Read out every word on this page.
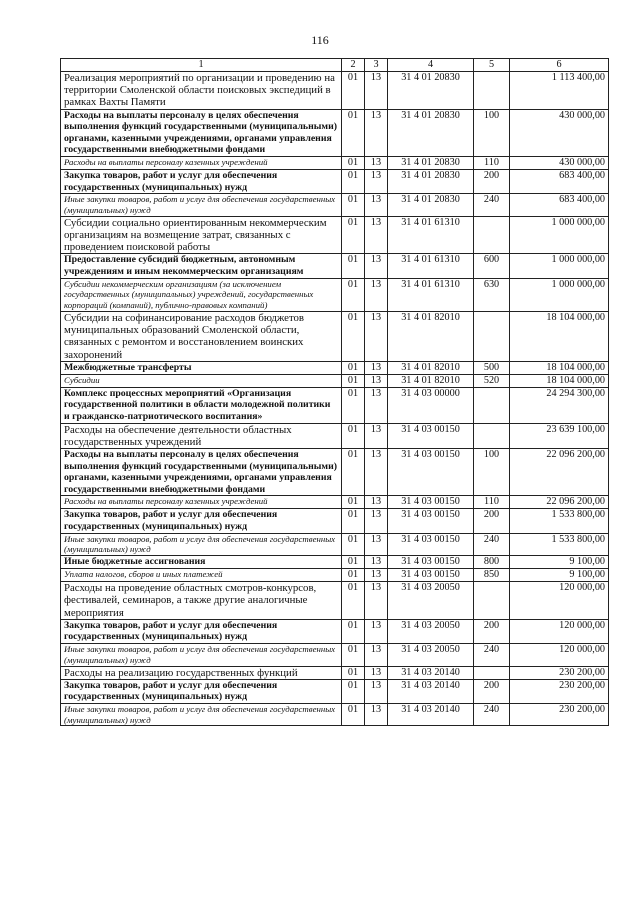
116
1	2	3	4	5	6
Реализация мероприятий по организации и проведению на территории Смоленской области поисковых экспедиций в рамках Вахты Памяти	01	13	31 4 01 20830		1 113 400,00
Расходы на выплаты персоналу в целях обеспечения выполнения функций государственными (муниципальными) органами, казенными учреждениями, органами управления государственными внебюджетными фондами	01	13	31 4 01 20830	100	430 000,00
Расходы на выплаты персоналу казенных учреждений	01	13	31 4 01 20830	110	430 000,00
Закупка товаров, работ и услуг для обеспечения государственных (муниципальных) нужд	01	13	31 4 01 20830	200	683 400,00
Иные закупки товаров, работ и услуг для обеспечения государственных (муниципальных) нужд	01	13	31 4 01 20830	240	683 400,00
Субсидии социально ориентированным некоммерческим организациям на возмещение затрат, связанных с проведением поисковой работы	01	13	31 4 01 61310		1 000 000,00
Предоставление субсидий бюджетным, автономным учреждениям и иным некоммерческим организациям	01	13	31 4 01 61310	600	1 000 000,00
Субсидии некоммерческим организациям (за исключением государственных (муниципальных) учреждений, государственных корпораций (компаний), публично-правовых компаний)	01	13	31 4 01 61310	630	1 000 000,00
Субсидии на софинансирование расходов бюджетов муниципальных образований Смоленской области, связанных с ремонтом и восстановлением воинских захоронений	01	13	31 4 01 82010		18 104 000,00
Межбюджетные трансферты	01	13	31 4 01 82010	500	18 104 000,00
Субсидии	01	13	31 4 01 82010	520	18 104 000,00
Комплекс процессных мероприятий «Организация государственной политики в области молодежной политики и гражданско-патриотического воспитания»	01	13	31 4 03 00000		24 294 300,00
Расходы на обеспечение деятельности областных государственных учреждений	01	13	31 4 03 00150		23 639 100,00
Расходы на выплаты персоналу в целях обеспечения выполнения функций государственными (муниципальными) органами, казенными учреждениями, органами управления государственными внебюджетными фондами	01	13	31 4 03 00150	100	22 096 200,00
Расходы на выплаты персоналу казенных учреждений	01	13	31 4 03 00150	110	22 096 200,00
Закупка товаров, работ и услуг для обеспечения государственных (муниципальных) нужд	01	13	31 4 03 00150	200	1 533 800,00
Иные закупки товаров, работ и услуг для обеспечения государственных (муниципальных) нужд	01	13	31 4 03 00150	240	1 533 800,00
Иные бюджетные ассигнования	01	13	31 4 03 00150	800	9 100,00
Уплата налогов, сборов и иных платежей	01	13	31 4 03 00150	850	9 100,00
Расходы на проведение областных смотров-конкурсов, фестивалей, семинаров, а также другие аналогичные мероприятия	01	13	31 4 03 20050		120 000,00
Закупка товаров, работ и услуг для обеспечения государственных (муниципальных) нужд	01	13	31 4 03 20050	200	120 000,00
Иные закупки товаров, работ и услуг для обеспечения государственных (муниципальных) нужд	01	13	31 4 03 20050	240	120 000,00
Расходы на реализацию государственных функций	01	13	31 4 03 20140		230 200,00
Закупка товаров, работ и услуг для обеспечения государственных (муниципальных) нужд	01	13	31 4 03 20140	200	230 200,00
Иные закупки товаров, работ и услуг для обеспечения государственных (муниципальных) нужд	01	13	31 4 03 20140	240	230 200,00
